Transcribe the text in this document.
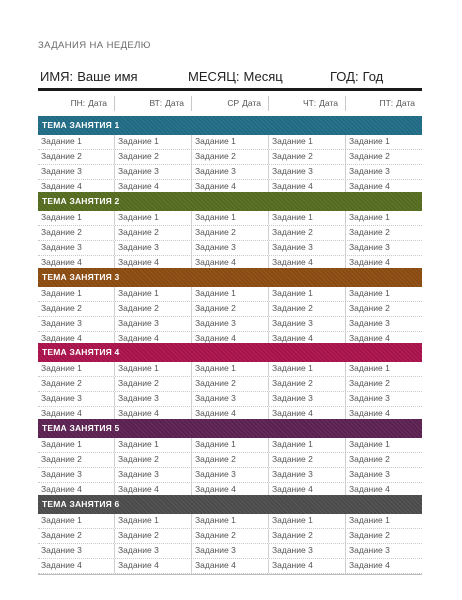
ЗАДАНИЯ НА НЕДЕЛЮ
ИМЯ: Ваше имя	МЕСЯЦ: Месяц	ГОД: Год
ПН: Дата	ВТ: Дата	СР Дата	ЧТ: Дата	ПТ: Дата
ТЕМА ЗАНЯТИЯ 1
Задание 1	Задание 1	Задание 1	Задание 1	Задание 1
Задание 2	Задание 2	Задание 2	Задание 2	Задание 2
Задание 3	Задание 3	Задание 3	Задание 3	Задание 3
Задание 4	Задание 4	Задание 4	Задание 4	Задание 4
ТЕМА ЗАНЯТИЯ 2
Задание 1	Задание 1	Задание 1	Задание 1	Задание 1
Задание 2	Задание 2	Задание 2	Задание 2	Задание 2
Задание 3	Задание 3	Задание 3	Задание 3	Задание 3
Задание 4	Задание 4	Задание 4	Задание 4	Задание 4
ТЕМА ЗАНЯТИЯ 3
Задание 1	Задание 1	Задание 1	Задание 1	Задание 1
Задание 2	Задание 2	Задание 2	Задание 2	Задание 2
Задание 3	Задание 3	Задание 3	Задание 3	Задание 3
Задание 4	Задание 4	Задание 4	Задание 4	Задание 4
ТЕМА ЗАНЯТИЯ 4
Задание 1	Задание 1	Задание 1	Задание 1	Задание 1
Задание 2	Задание 2	Задание 2	Задание 2	Задание 2
Задание 3	Задание 3	Задание 3	Задание 3	Задание 3
Задание 4	Задание 4	Задание 4	Задание 4	Задание 4
ТЕМА ЗАНЯТИЯ 5
Задание 1	Задание 1	Задание 1	Задание 1	Задание 1
Задание 2	Задание 2	Задание 2	Задание 2	Задание 2
Задание 3	Задание 3	Задание 3	Задание 3	Задание 3
Задание 4	Задание 4	Задание 4	Задание 4	Задание 4
ТЕМА ЗАНЯТИЯ 6
Задание 1	Задание 1	Задание 1	Задание 1	Задание 1
Задание 2	Задание 2	Задание 2	Задание 2	Задание 2
Задание 3	Задание 3	Задание 3	Задание 3	Задание 3
Задание 4	Задание 4	Задание 4	Задание 4	Задание 4
